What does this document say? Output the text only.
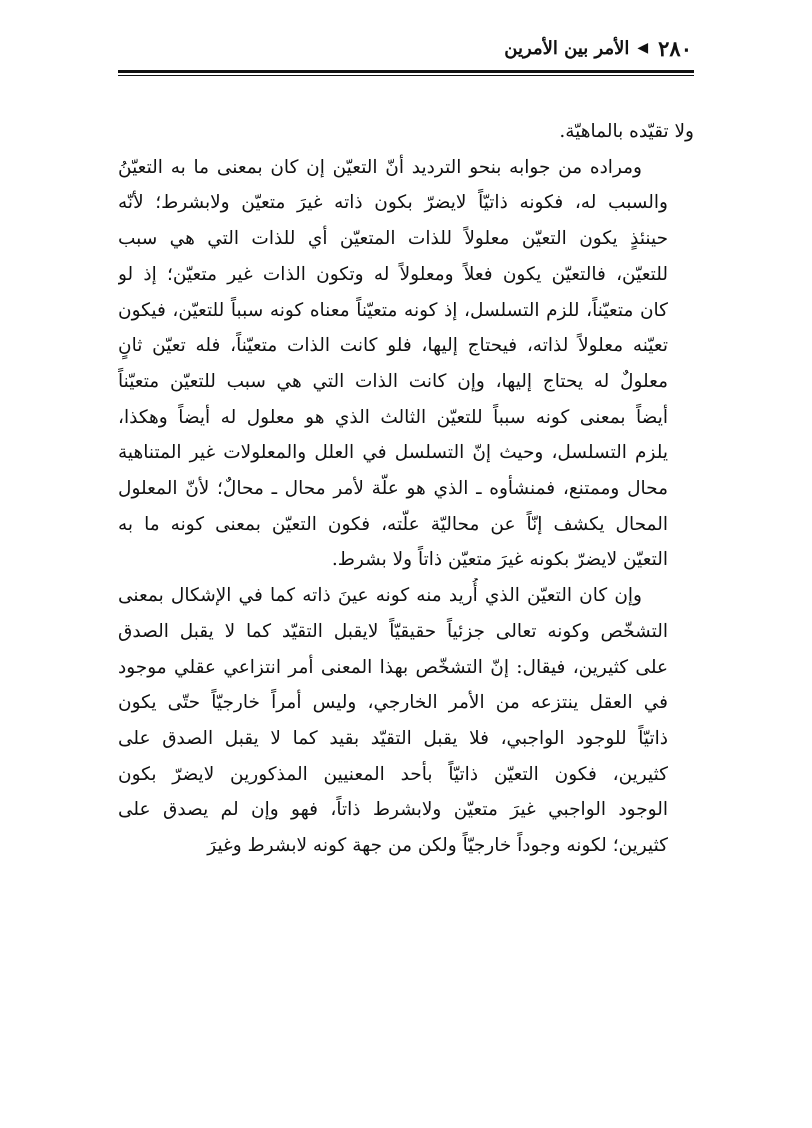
٢٨٠
◀
الأمر بين الأمرين
ولا تقيّده بالماهيّة.
ومراده من جوابه بنحو الترديد أنّ التعيّن إن كان بمعنى ما به التعيّنُ
والسبب له، فكونه ذاتيّاً لايضرّ بكون ذاته غيرَ متعيّن ولابشرط؛ لأنّه
حينئذٍ يكون التعيّن معلولاً للذات المتعيّن أي للذات التي هي سبب
للتعيّن، فالتعيّن يكون فعلاً ومعلولاً له وتكون الذات غير متعيّن؛ إذ لو
كان متعيّناً، للزم التسلسل، إذ كونه متعيّناً معناه كونه سبباً للتعيّن، فيكون
تعيّنه معلولاً لذاته، فيحتاج إليها، فلو كانت الذات متعيّناً، فله تعيّن ثانٍ
معلولٌ له يحتاج إليها، وإن كانت الذات التي هي سبب للتعيّن متعيّناً
أيضاً بمعنى كونه سبباً للتعيّن الثالث الذي هو معلول له أيضاً وهكذا،
يلزم التسلسل، وحيث إنّ التسلسل في العلل والمعلولات غير المتناهية
محال وممتنع، فمنشأوه ـ الذي هو علّة لأمر محال ـ محالٌ؛ لأنّ المعلول
المحال يكشف إنّاً عن محاليّة علّته، فكون التعيّن بمعنى كونه ما به
التعيّن لايضرّ بكونه غيرَ متعيّن ذاتاً ولا بشرط.
وإن كان التعيّن الذي أُريد منه كونه عينَ ذاته كما في الإشكال بمعنى
التشخّص وكونه تعالى جزئياً حقيقيّاً لايقبل التقيّد كما لا يقبل الصدق
على كثيرين، فيقال: إنّ التشخّص بهذا المعنى أمر انتزاعي عقلي موجود
في العقل ينتزعه من الأمر الخارجي، وليس أمراً خارجيّاً حتّى يكون
ذاتيّاً للوجود الواجبي، فلا يقبل التقيّد بقيد كما لا يقبل الصدق على
كثيرين، فكون التعيّن ذاتيّاً بأحد المعنيين المذكورين لايضرّ بكون
الوجود الواجبي غيرَ متعيّن ولابشرط ذاتاً، فهو وإن لم يصدق على
كثيرين؛ لكونه وجوداً خارجيّاً ولكن من جهة كونه لابشرط وغيرَ
